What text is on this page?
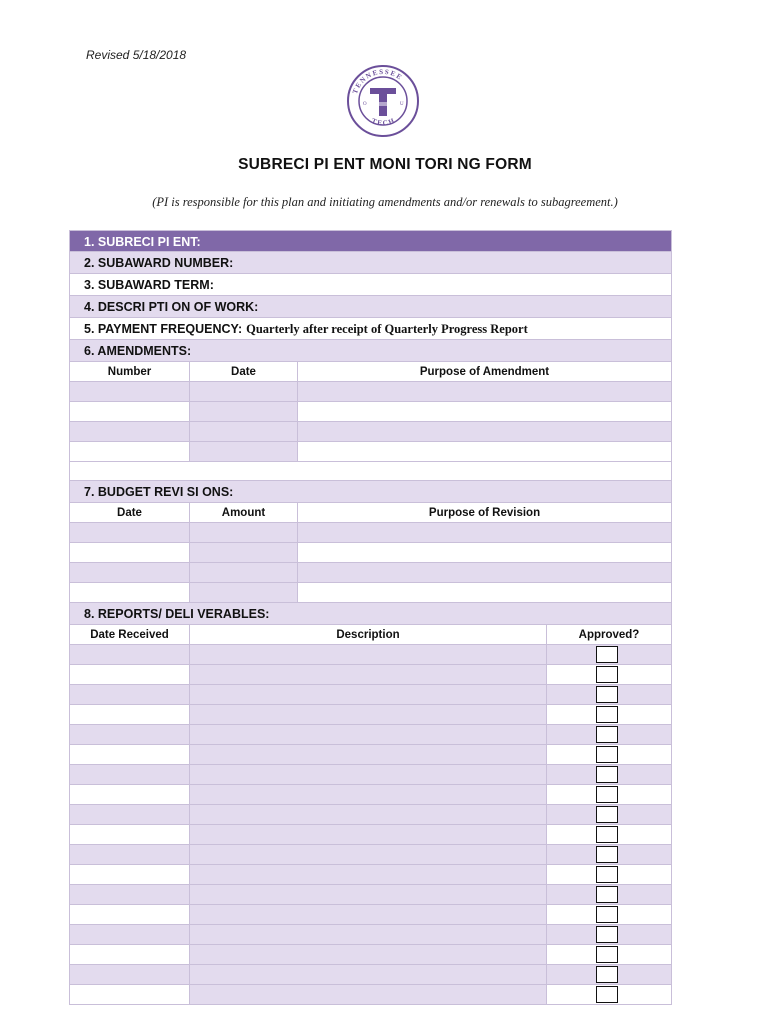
Revised 5/18/2018
TENNESSEE
TECH
O	U
SUBRECI PI ENT MONI TORI NG FORM
(PI is responsible for this plan and initiating amendments and/or renewals to subagreement.)
1. SUBRECI PI ENT:
2. SUBAWARD NUMBER:
3. SUBAWARD TERM:
4. DESCRI PTI ON OF WORK:
5. PAYMENT FREQUENCY: Quarterly after receipt of Quarterly Progress Report
6. AMENDMENTS:
Number	Date	Purpose of Amendment
7. BUDGET REVI SI ONS:
Date	Amount	Purpose of Revision
8. REPORTS/ DELI VERABLES:
Date Received	Description	Approved?
